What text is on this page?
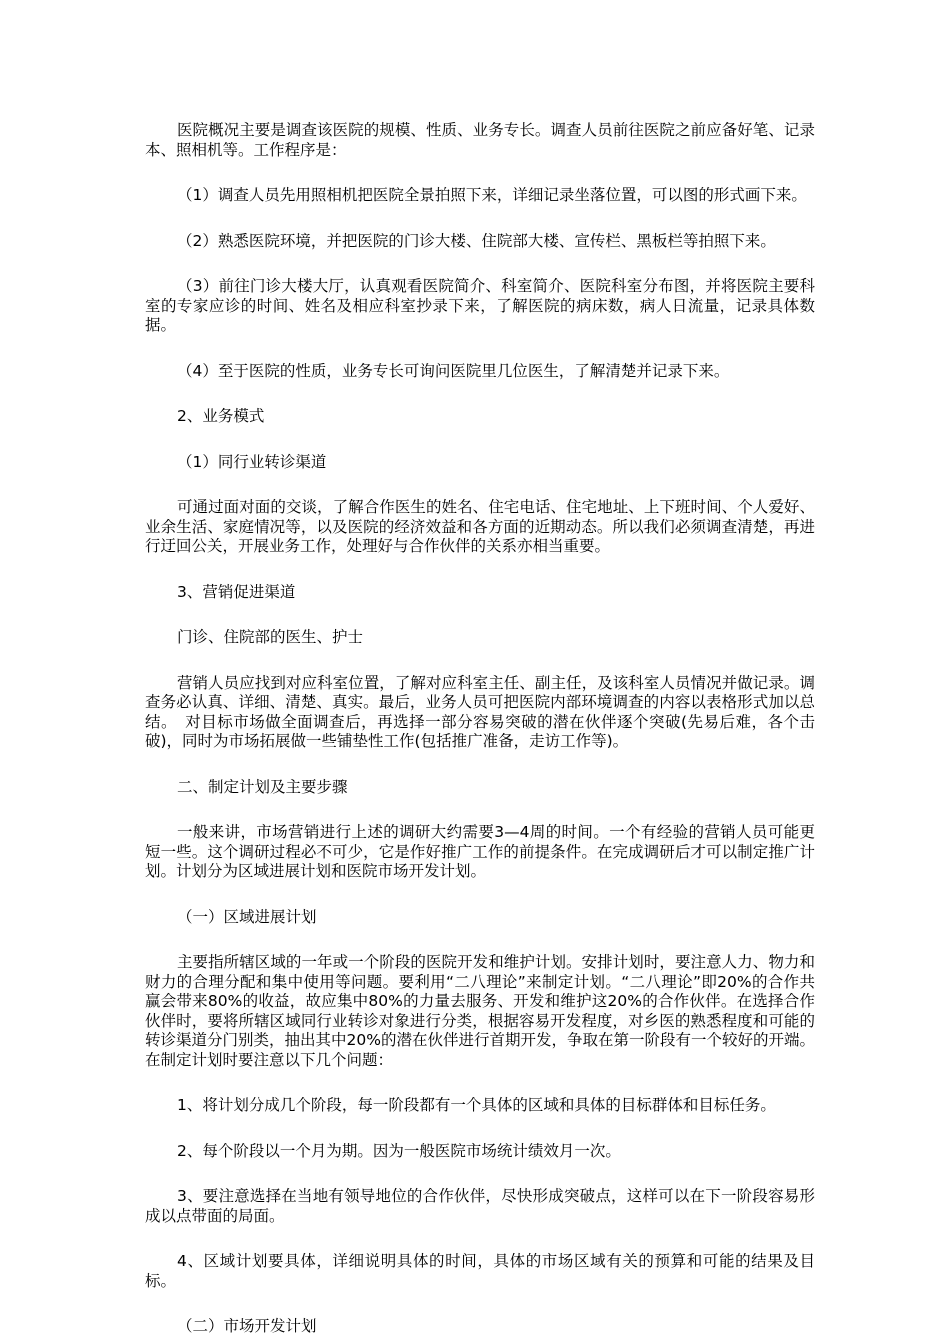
医院概况主要是调查该医院的规模、性质、业务专长。调查人员前往医院之前应备好笔、记录本、照相机等。工作程序是：

（1）调查人员先用照相机把医院全景拍照下来，详细记录坐落位置，可以图的形式画下来。

（2）熟悉医院环境，并把医院的门诊大楼、住院部大楼、宣传栏、黑板栏等拍照下来。

（3）前往门诊大楼大厅，认真观看医院简介、科室简介、医院科室分布图，并将医院主要科室的专家应诊的时间、姓名及相应科室抄录下来，了解医院的病床数，病人日流量，记录具体数据。

（4）至于医院的性质，业务专长可询问医院里几位医生，了解清楚并记录下来。

2、业务模式

（1）同行业转诊渠道

可通过面对面的交谈，了解合作医生的姓名、住宅电话、住宅地址、上下班时间、个人爱好、业余生活、家庭情况等，以及医院的经济效益和各方面的近期动态。所以我们必须调查清楚，再进行迂回公关，开展业务工作，处理好与合作伙伴的关系亦相当重要。

3、营销促进渠道

门诊、住院部的医生、护士

营销人员应找到对应科室位置，了解对应科室主任、副主任，及该科室人员情况并做记录。调查务必认真、详细、清楚、真实。最后，业务人员可把医院内部环境调查的内容以表格形式加以总结。　对目标市场做全面调查后，再选择一部分容易突破的潜在伙伴逐个突破(先易后难，各个击破)，同时为市场拓展做一些铺垫性工作(包括推广准备，走访工作等)。

二、制定计划及主要步骤

一般来讲，市场营销进行上述的调研大约需要3—4周的时间。一个有经验的营销人员可能更短一些。这个调研过程必不可少，它是作好推广工作的前提条件。在完成调研后才可以制定推广计划。计划分为区域进展计划和医院市场开发计划。

（一）区域进展计划

主要指所辖区域的一年或一个阶段的医院开发和维护计划。安排计划时，要注意人力、物力和财力的合理分配和集中使用等问题。要利用“二八理论”来制定计划。“二八理论”即20%的合作共赢会带来80%的收益，故应集中80%的力量去服务、开发和维护这20%的合作伙伴。在选择合作伙伴时，要将所辖区域同行业转诊对象进行分类，根据容易开发程度，对乡医的熟悉程度和可能的转诊渠道分门别类，抽出其中20%的潜在伙伴进行首期开发，争取在第一阶段有一个较好的开端。在制定计划时要注意以下几个问题：

1、将计划分成几个阶段，每一阶段都有一个具体的区域和具体的目标群体和目标任务。

2、每个阶段以一个月为期。因为一般医院市场统计绩效月一次。

3、要注意选择在当地有领导地位的合作伙伴，尽快形成突破点，这样可以在下一阶段容易形成以点带面的局面。

4、区域计划要具体，详细说明具体的时间，具体的市场区域有关的预算和可能的结果及目标。

（二）市场开发计划
